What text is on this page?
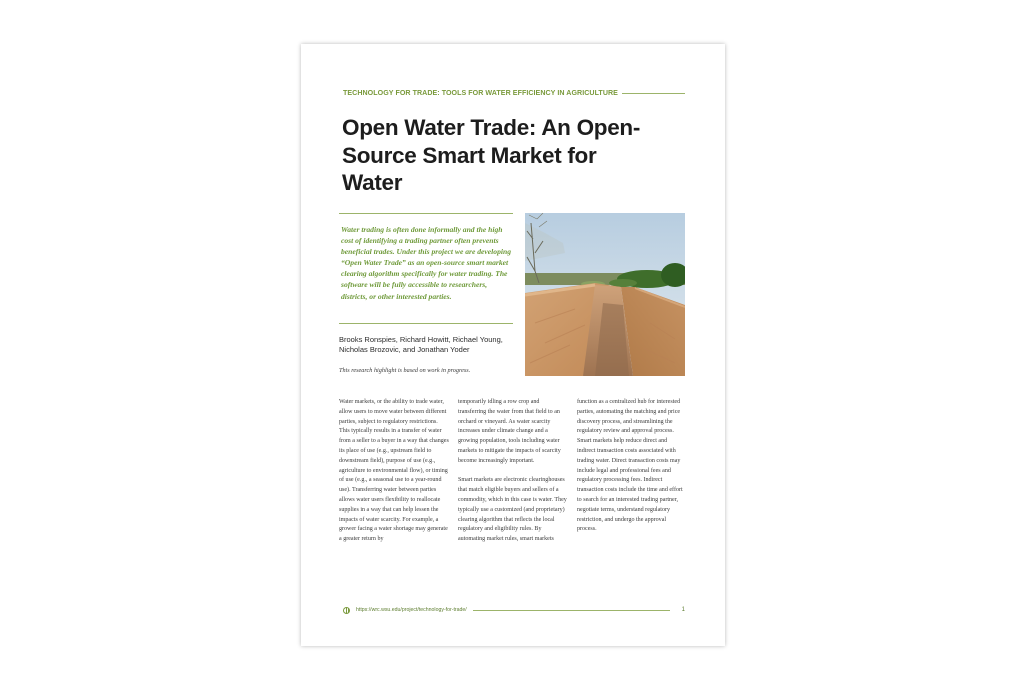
TECHNOLOGY FOR TRADE: TOOLS FOR WATER EFFICIENCY IN AGRICULTURE
Open Water Trade: An Open-
Source Smart Market for
Water
Water trading is often done informally and the high cost of identifying a trading partner often prevents beneficial trades. Under this project we are developing “Open Water Trade” as an open-source smart market clearing algorithm specifically for water trading. The software will be fully accessible to researchers, districts, or other interested parties.
Brooks Ronspies, Richard Howitt, Richael Young,
Nicholas Brozovic, and Jonathan Yoder
This research highlight is based on work in progress.

Water markets, or the ability to trade water, allow users to move water between different parties, subject to regulatory restrictions. This typically results in a transfer of water from a seller to a buyer in a way that changes its place of use (e.g., upstream field to downstream field), purpose of use (e.g., agriculture to environmental flow), or timing of use (e.g., a seasonal use to a year-round use). Transferring water between parties allows water users flexibility to reallocate supplies in a way that can help lessen the impacts of water scarcity. For example, a grower facing a water shortage may generate a greater return by

temporarily idling a row crop and transferring the water from that field to an orchard or vineyard. As water scarcity increases under climate change and a growing population, tools including water markets to mitigate the impacts of scarcity become increasingly important.

Smart markets are electronic clearinghouses that match eligible buyers and sellers of a commodity, which in this case is water. They typically use a customized (and proprietary) clearing algorithm that reflects the local regulatory and eligibility rules. By automating market rules, smart markets

function as a centralized hub for interested parties, automating the matching and price discovery process, and streamlining the regulatory review and approval process. Smart markets help reduce direct and indirect transaction costs associated with trading water. Direct transaction costs may include legal and professional fees and regulatory processing fees. Indirect transaction costs include the time and effort to search for an interested trading partner, negotiate terms, understand regulatory restriction, and undergo the approval process.

https://wrc.wsu.edu/project/technology-for-trade/	1
